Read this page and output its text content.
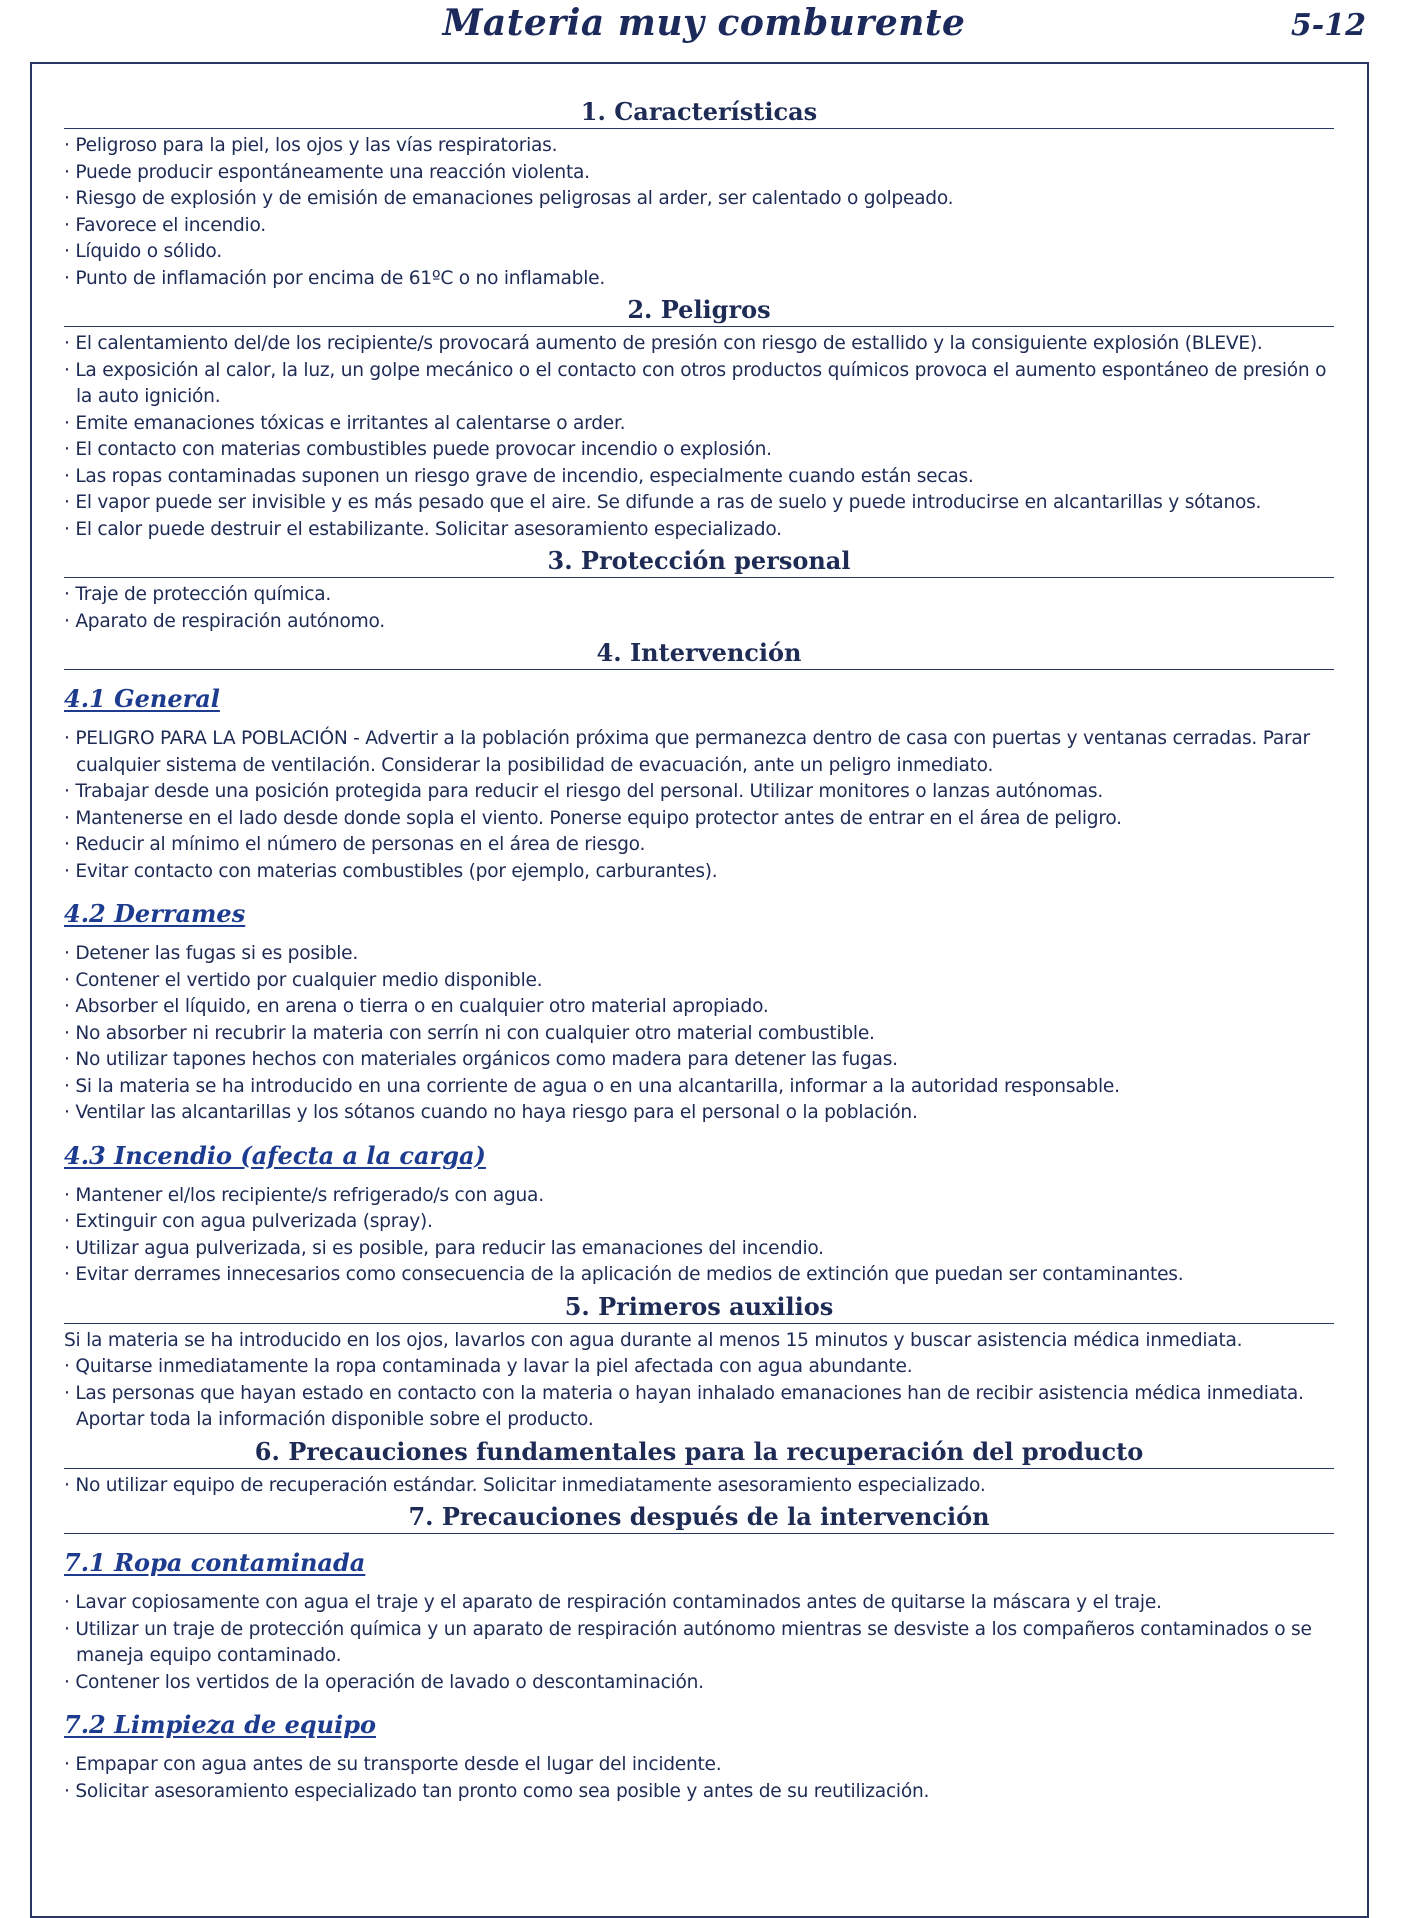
Materia muy comburente	5-12
1. Características
· Peligroso para la piel, los ojos y las vías respiratorias.
· Puede producir espontáneamente una reacción violenta.
· Riesgo de explosión y de emisión de emanaciones peligrosas al arder, ser calentado o golpeado.
· Favorece el incendio.
· Líquido o sólido.
· Punto de inflamación por encima de 61ºC o no inflamable.
2. Peligros
· El calentamiento del/de los recipiente/s provocará aumento de presión con riesgo de estallido y la consiguiente explosión (BLEVE).
· La exposición al calor, la luz, un golpe mecánico o el contacto con otros productos químicos provoca el aumento espontáneo de presión o la auto ignición.
· Emite emanaciones tóxicas e irritantes al calentarse o arder.
· El contacto con materias combustibles puede provocar incendio o explosión.
· Las ropas contaminadas suponen un riesgo grave de incendio, especialmente cuando están secas.
· El vapor puede ser invisible y es más pesado que el aire. Se difunde a ras de suelo y puede introducirse en alcantarillas y sótanos.
· El calor puede destruir el estabilizante. Solicitar asesoramiento especializado.
3. Protección personal
· Traje de protección química.
· Aparato de respiración autónomo.
4. Intervención
4.1 General
· PELIGRO PARA LA POBLACIÓN - Advertir a la población próxima que permanezca dentro de casa con puertas y ventanas cerradas. Parar cualquier sistema de ventilación. Considerar la posibilidad de evacuación, ante un peligro inmediato.
· Trabajar desde una posición protegida para reducir el riesgo del personal. Utilizar monitores o lanzas autónomas.
· Mantenerse en el lado desde donde sopla el viento. Ponerse equipo protector antes de entrar en el área de peligro.
· Reducir al mínimo el número de personas en el área de riesgo.
· Evitar contacto con materias combustibles (por ejemplo, carburantes).
4.2 Derrames
· Detener las fugas si es posible.
· Contener el vertido por cualquier medio disponible.
· Absorber el líquido, en arena o tierra o en cualquier otro material apropiado.
· No absorber ni recubrir la materia con serrín ni con cualquier otro material combustible.
· No utilizar tapones hechos con materiales orgánicos como madera para detener las fugas.
· Si la materia se ha introducido en una corriente de agua o en una alcantarilla, informar a la autoridad responsable.
· Ventilar las alcantarillas y los sótanos cuando no haya riesgo para el personal o la población.
4.3 Incendio (afecta a la carga)
· Mantener el/los recipiente/s refrigerado/s con agua.
· Extinguir con agua pulverizada (spray).
· Utilizar agua pulverizada, si es posible, para reducir las emanaciones del incendio.
· Evitar derrames innecesarios como consecuencia de la aplicación de medios de extinción que puedan ser contaminantes.
5. Primeros auxilios

Si la materia se ha introducido en los ojos, lavarlos con agua durante al menos 15 minutos y buscar asistencia médica inmediata.

· Quitarse inmediatamente la ropa contaminada y lavar la piel afectada con agua abundante.
· Las personas que hayan estado en contacto con la materia o hayan inhalado emanaciones han de recibir asistencia médica inmediata. Aportar toda la información disponible sobre el producto.
6. Precauciones fundamentales para la recuperación del producto
· No utilizar equipo de recuperación estándar. Solicitar inmediatamente asesoramiento especializado.
7. Precauciones después de la intervención
7.1 Ropa contaminada
· Lavar copiosamente con agua el traje y el aparato de respiración contaminados antes de quitarse la máscara y el traje.
· Utilizar un traje de protección química y un aparato de respiración autónomo mientras se desviste a los compañeros contaminados o se maneja equipo contaminado.
· Contener los vertidos de la operación de lavado o descontaminación.
7.2 Limpieza de equipo
· Empapar con agua antes de su transporte desde el lugar del incidente.
· Solicitar asesoramiento especializado tan pronto como sea posible y antes de su reutilización.
